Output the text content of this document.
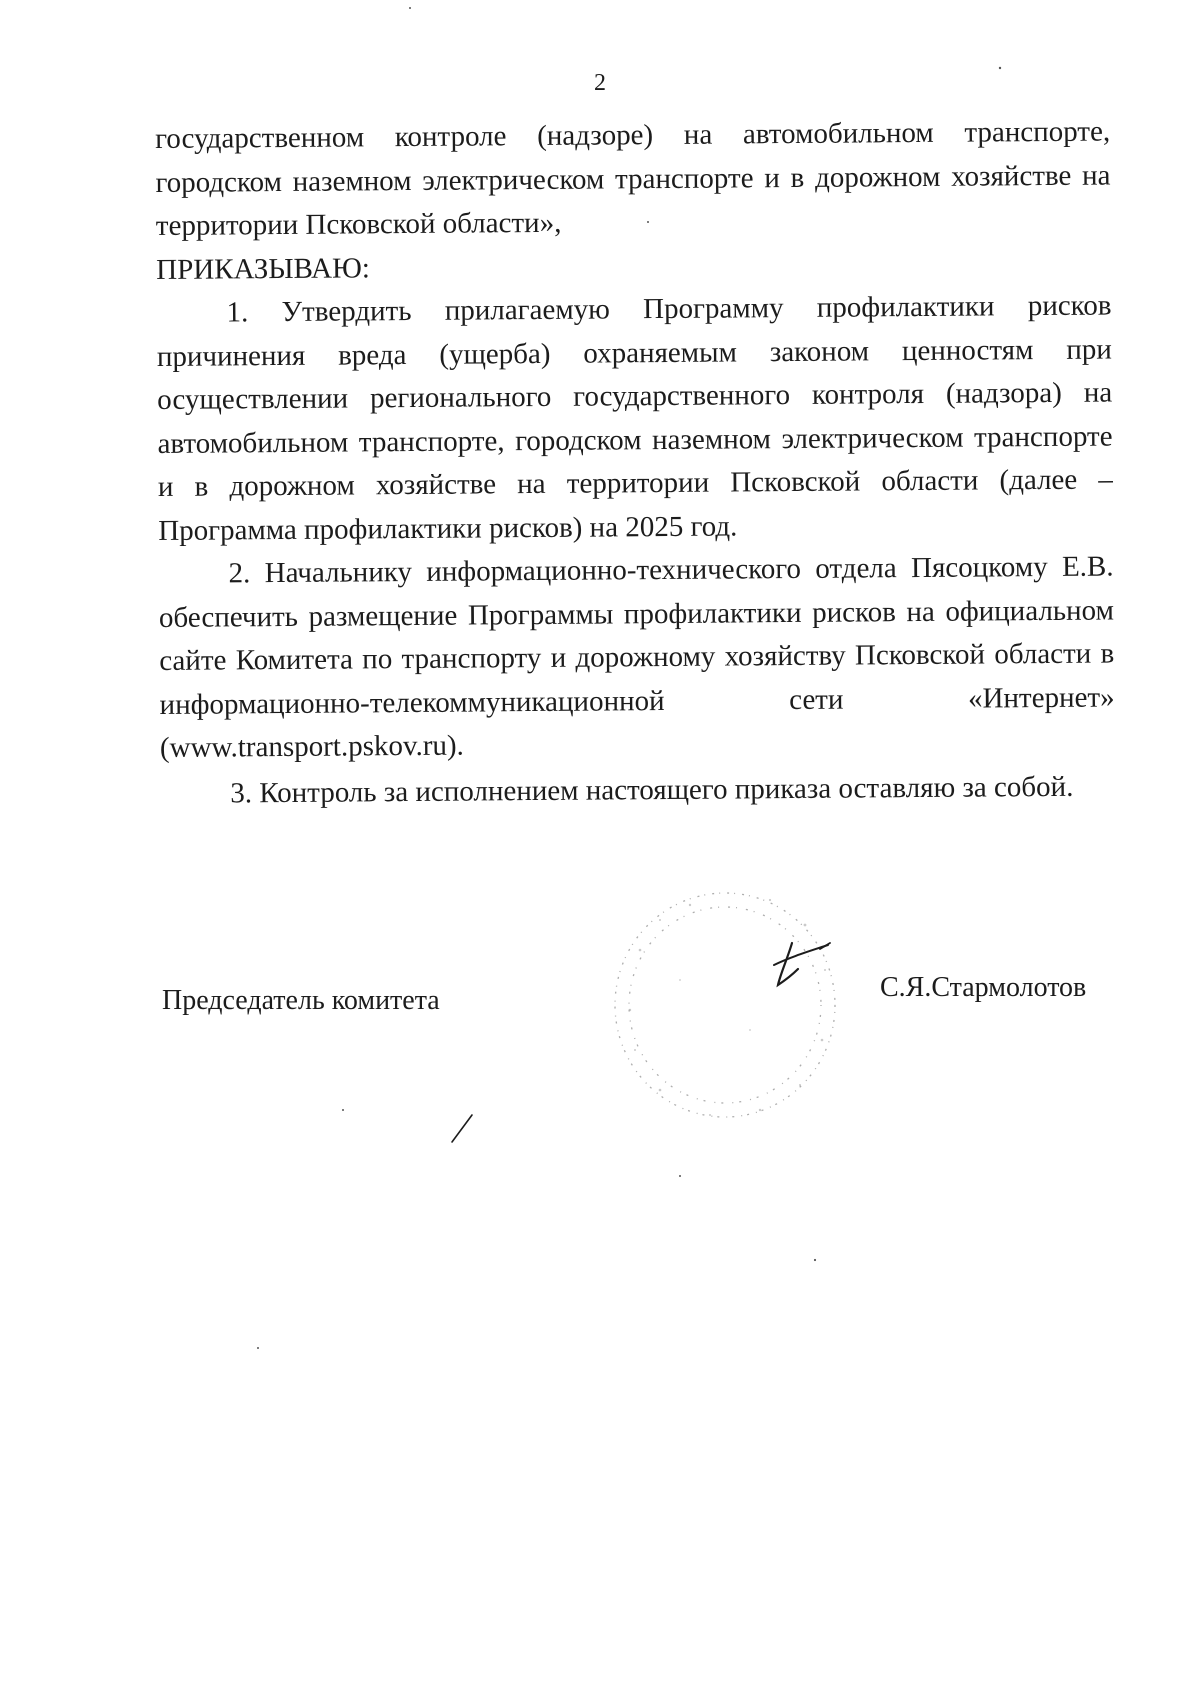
2

государственном контроле (надзоре) на автомобильном транспорте, городском наземном электрическом транспорте и в дорожном хозяйстве на территории Псковской области»,

ПРИКАЗЫВАЮ:

1. Утвердить прилагаемую Программу профилактики рисков причинения вреда (ущерба) охраняемым законом ценностям при осуществлении регионального государственного контроля (надзора) на автомобильном транспорте, городском наземном электрическом транспорте и в дорожном хозяйстве на территории Псковской области (далее – Программа профилактики рисков) на 2025 год.

2. Начальнику информационно-технического отдела Пясоцкому Е.В. обеспечить размещение Программы профилактики рисков на официальном сайте Комитета по транспорту и дорожному хозяйству Псковской области в информационно-телекоммуникационной сети «Интернет» (www.transport.pskov.ru).

3. Контроль за исполнением настоящего приказа оставляю за собой.

Председатель комитета	С.Я.Стармолотов
